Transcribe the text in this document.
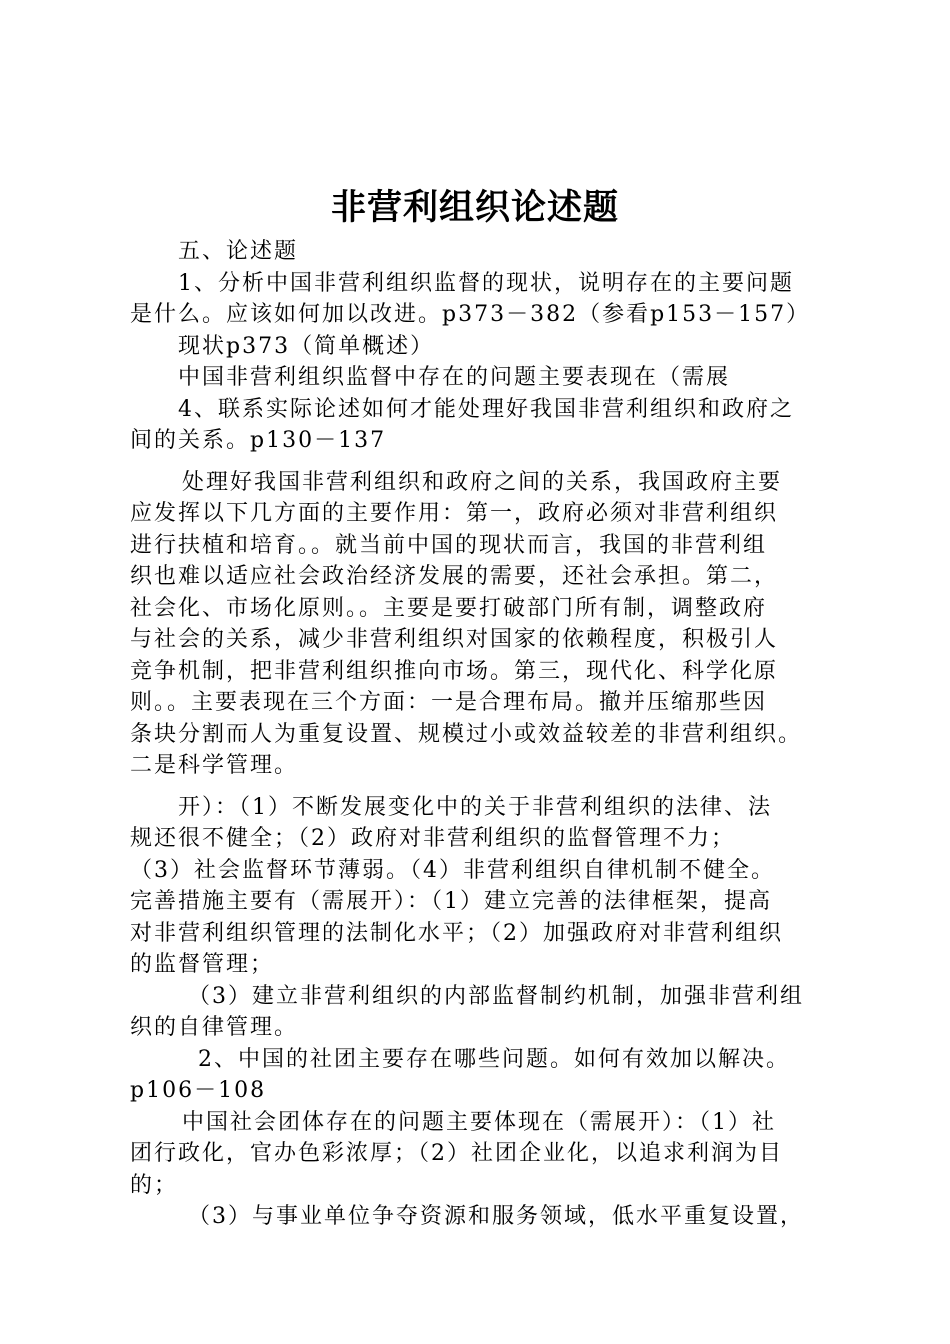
非营利组织论述题
五、论述题
1、分析中国非营利组织监督的现状，说明存在的主要问题
是什么。应该如何加以改进。p373－382（参看p153－157）
现状p373（简单概述）
中国非营利组织监督中存在的问题主要表现在（需展
4、联系实际论述如何才能处理好我国非营利组织和政府之
间的关系。p130－137
处理好我国非营利组织和政府之间的关系，我国政府主要
应发挥以下几方面的主要作用：第一，政府必须对非营利组织
进行扶植和培育。。就当前中国的现状而言，我国的非营利组
织也难以适应社会政治经济发展的需要，还社会承担。第二，
社会化、市场化原则。。主要是要打破部门所有制，调整政府
与社会的关系，减少非营利组织对国家的依赖程度，积极引人
竞争机制，把非营利组织推向市场。第三，现代化、科学化原
则。。主要表现在三个方面：一是合理布局。撤并压缩那些因
条块分割而人为重复设置、规模过小或效益较差的非营利组织。
二是科学管理。
开）：（1）不断发展变化中的关于非营利组织的法律、法
规还很不健全；（2）政府对非营利组织的监督管理不力；
（3）社会监督环节薄弱。（4）非营利组织自律机制不健全。
完善措施主要有（需展开）：（1）建立完善的法律框架，提高
对非营利组织管理的法制化水平；（2）加强政府对非营利组织
的监督管理；
（3）建立非营利组织的内部监督制约机制，加强非营利组
织的自律管理。
2、中国的社团主要存在哪些问题。如何有效加以解决。
p106－108
中国社会团体存在的问题主要体现在（需展开）：（1）社
团行政化，官办色彩浓厚；（2）社团企业化，以追求利润为目
的；
（3）与事业单位争夺资源和服务领域，低水平重复设置，
